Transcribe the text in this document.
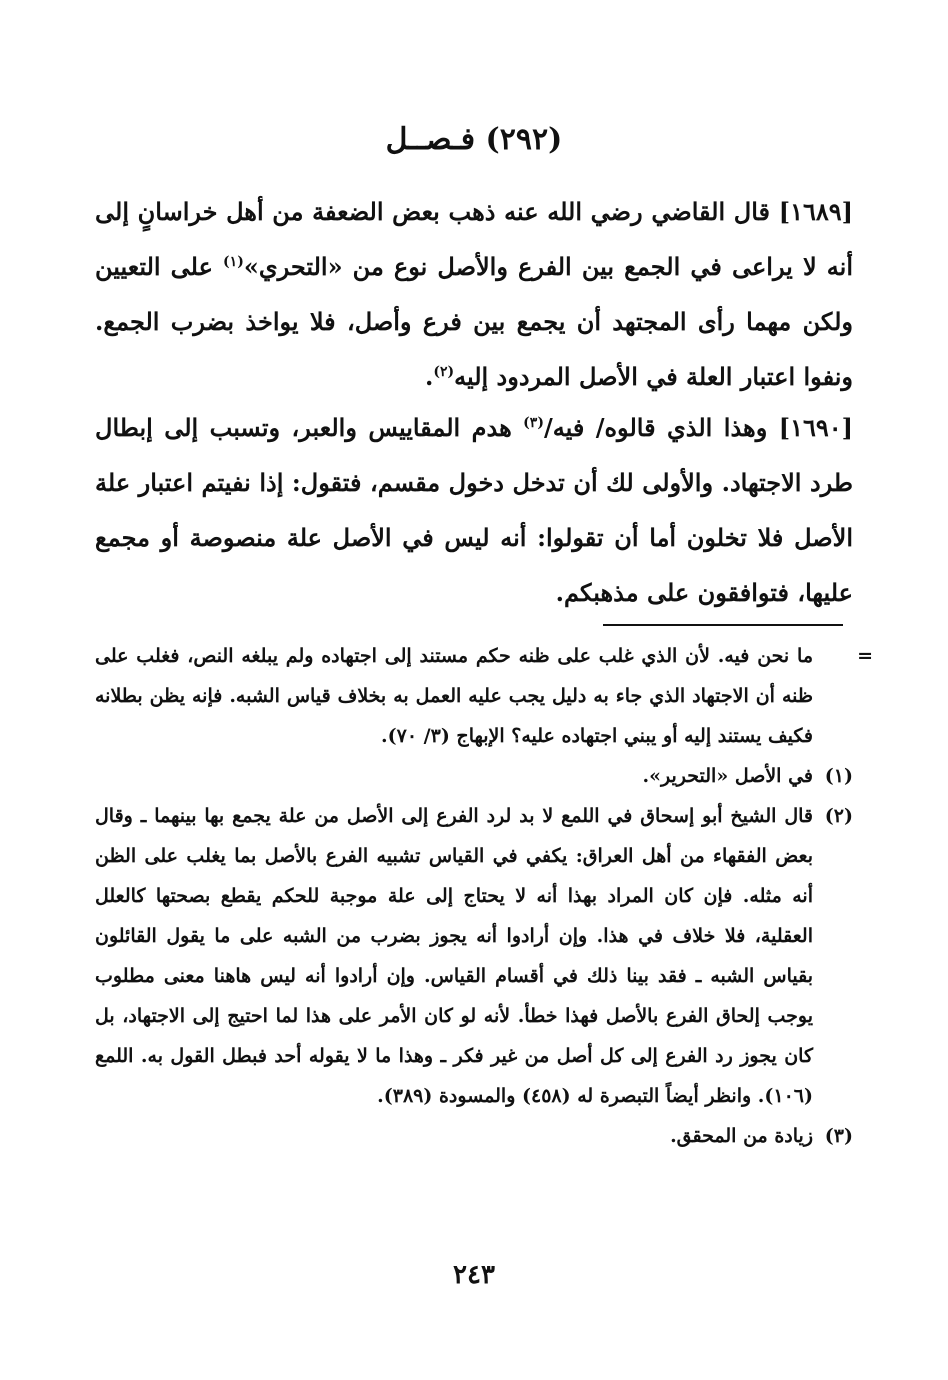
(٢٩٢) فـصــل
[١٦٨٩] قال القاضي رضي الله عنه ذهب بعض الضعفة من أهل خراسانٍ إلى أنه لا يراعى في الجمع بين الفرع والأصل نوع من «التحري»$^{(١)}$ على التعيين ولكن مهما رأى المجتهد أن يجمع بين فرع وأصل، فلا يواخذ بضرب الجمع. ونفوا اعتبار العلة في الأصل المردود إليه$^{(٢)}$.
[١٦٩٠] وهذا الذي قالوه/ فيه/$^{(٣)}$ هدم المقاييس والعبر، وتسبب إلى إبطال طرد الاجتهاد. والأولى لك أن تدخل دخول مقسم، فتقول: إذا نفيتم اعتبار علة الأصل فلا تخلون أما أن تقولوا: أنه ليس في الأصل علة منصوصة أو مجمع عليها، فتوافقون على مذهبكم.
=
ما نحن فيه. لأن الذي غلب على ظنه حكم مستند إلى اجتهاده ولم يبلغه النص، فغلب على ظنه أن الاجتهاد الذي جاء به دليل يجب عليه العمل به بخلاف قياس الشبه. فإنه يظن بطلانه فكيف يستند إليه أو يبني اجتهاده عليه؟ الإبهاج (٣/ ٧٠).
(١)
في الأصل «التحرير».
(٢)
قال الشيخ أبو إسحاق في اللمع لا بد لرد الفرع إلى الأصل من علة يجمع بها بينهما ـ وقال بعض الفقهاء من أهل العراق: يكفي في القياس تشبيه الفرع بالأصل بما يغلب على الظن أنه مثله. فإن كان المراد بهذا أنه لا يحتاج إلى علة موجبة للحكم يقطع بصحتها كالعلل العقلية، فلا خلاف في هذا. وإن أرادوا أنه يجوز بضرب من الشبه على ما يقول القائلون بقياس الشبه ـ فقد بينا ذلك في أقسام القياس. وإن أرادوا أنه ليس هاهنا معنى مطلوب يوجب إلحاق الفرع بالأصل فهذا خطأ. لأنه لو كان الأمر على هذا لما احتيج إلى الاجتهاد، بل كان يجوز رد الفرع إلى كل أصل من غير فكر ـ وهذا ما لا يقوله أحد فبطل القول به. اللمع (١٠٦). وانظر أيضاً التبصرة له (٤٥٨) والمسودة (٣٨٩).
(٣)
زيادة من المحقق.
٢٤٣
